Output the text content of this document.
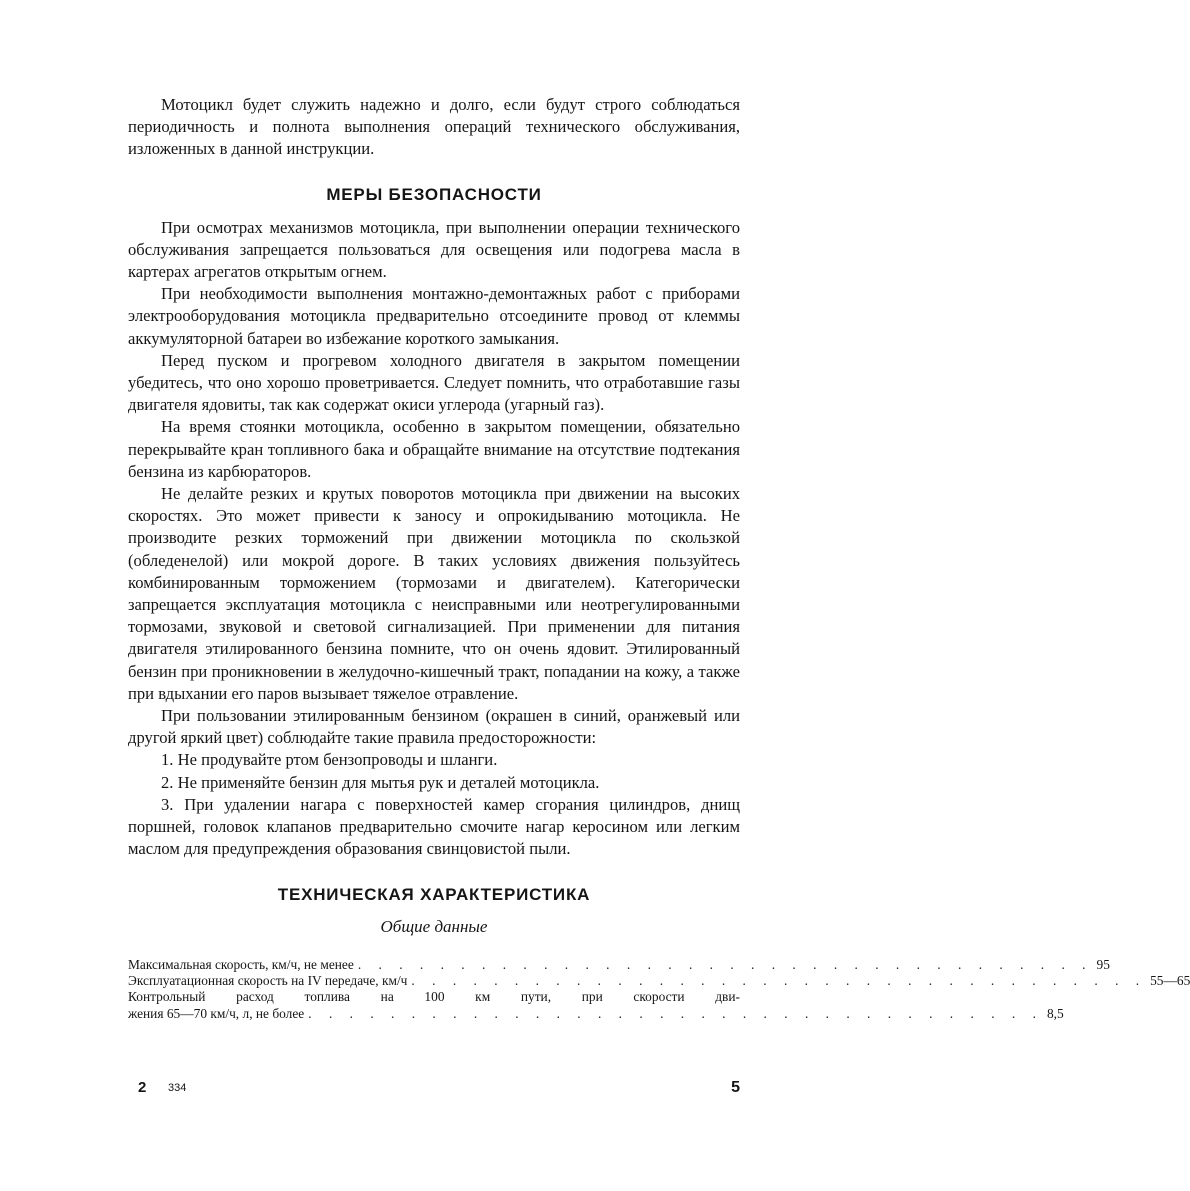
Мотоцикл будет служить надежно и долго, если будут строго соблюдаться периодичность и полнота выполнения операций технического обслуживания, изложенных в данной инструкции.

МЕРЫ БЕЗОПАСНОСТИ

При осмотрах механизмов мотоцикла, при выполнении операции технического обслуживания запрещается пользоваться для освещения или подогрева масла в картерах агрегатов открытым огнем.

При необходимости выполнения монтажно-демонтажных работ с приборами электрооборудования мотоцикла предварительно отсоедините провод от клеммы аккумуляторной батареи во избежание короткого замыкания.

Перед пуском и прогревом холодного двигателя в закрытом помещении убедитесь, что оно хорошо проветривается. Следует помнить, что отработавшие газы двигателя ядовиты, так как содержат окиси углерода (угарный газ).

На время стоянки мотоцикла, особенно в закрытом помещении, обязательно перекрывайте кран топливного бака и обращайте внимание на отсутствие подтекания бензина из карбюраторов.

Не делайте резких и крутых поворотов мотоцикла при движении на высоких скоростях. Это может привести к заносу и опрокидыванию мотоцикла. Не производите резких торможений при движении мотоцикла по скользкой (обледенелой) или мокрой дороге. В таких условиях движения пользуйтесь комбинированным торможением (тормозами и двигателем). Категорически запрещается эксплуатация мотоцикла с неисправными или неотрегулированными тормозами, звуковой и световой сигнализацией. При применении для питания двигателя этилированного бензина помните, что он очень ядовит. Этилированный бензин при проникновении в желудочно-кишечный тракт, попадании на кожу, а также при вдыхании его паров вызывает тяжелое отравление.

При пользовании этилированным бензином (окрашен в синий, оранжевый или другой яркий цвет) соблюдайте такие правила предосторожности:

1. Не продувайте ртом бензопроводы и шланги.

2. Не применяйте бензин для мытья рук и деталей мотоцикла.

3. При удалении нагара с поверхностей камер сгорания цилиндров, днищ поршней, головок клапанов предварительно смочите нагар керосином или легким маслом для предупреждения образования свинцовистой пыли.

ТЕХНИЧЕСКАЯ ХАРАКТЕРИСТИКА
Общие данные
Максимальная скорость, км/ч, не менее . . . . . . . . . . . . . . . . . . . . . . . . . . . . . . . . . . . . 95
Эксплуатационная скорость на IV передаче, км/ч . . . . . . . . . . . . . . . . . . . . . . . . . . . . . . . . . . . . 55—65
Контрольный расход топлива на 100 км пути, при скорости дви-
жения 65—70 км/ч, л, не более . . . . . . . . . . . . . . . . . . . . . . . . . . . . . . . . . . . . 8,5
2 334	5
